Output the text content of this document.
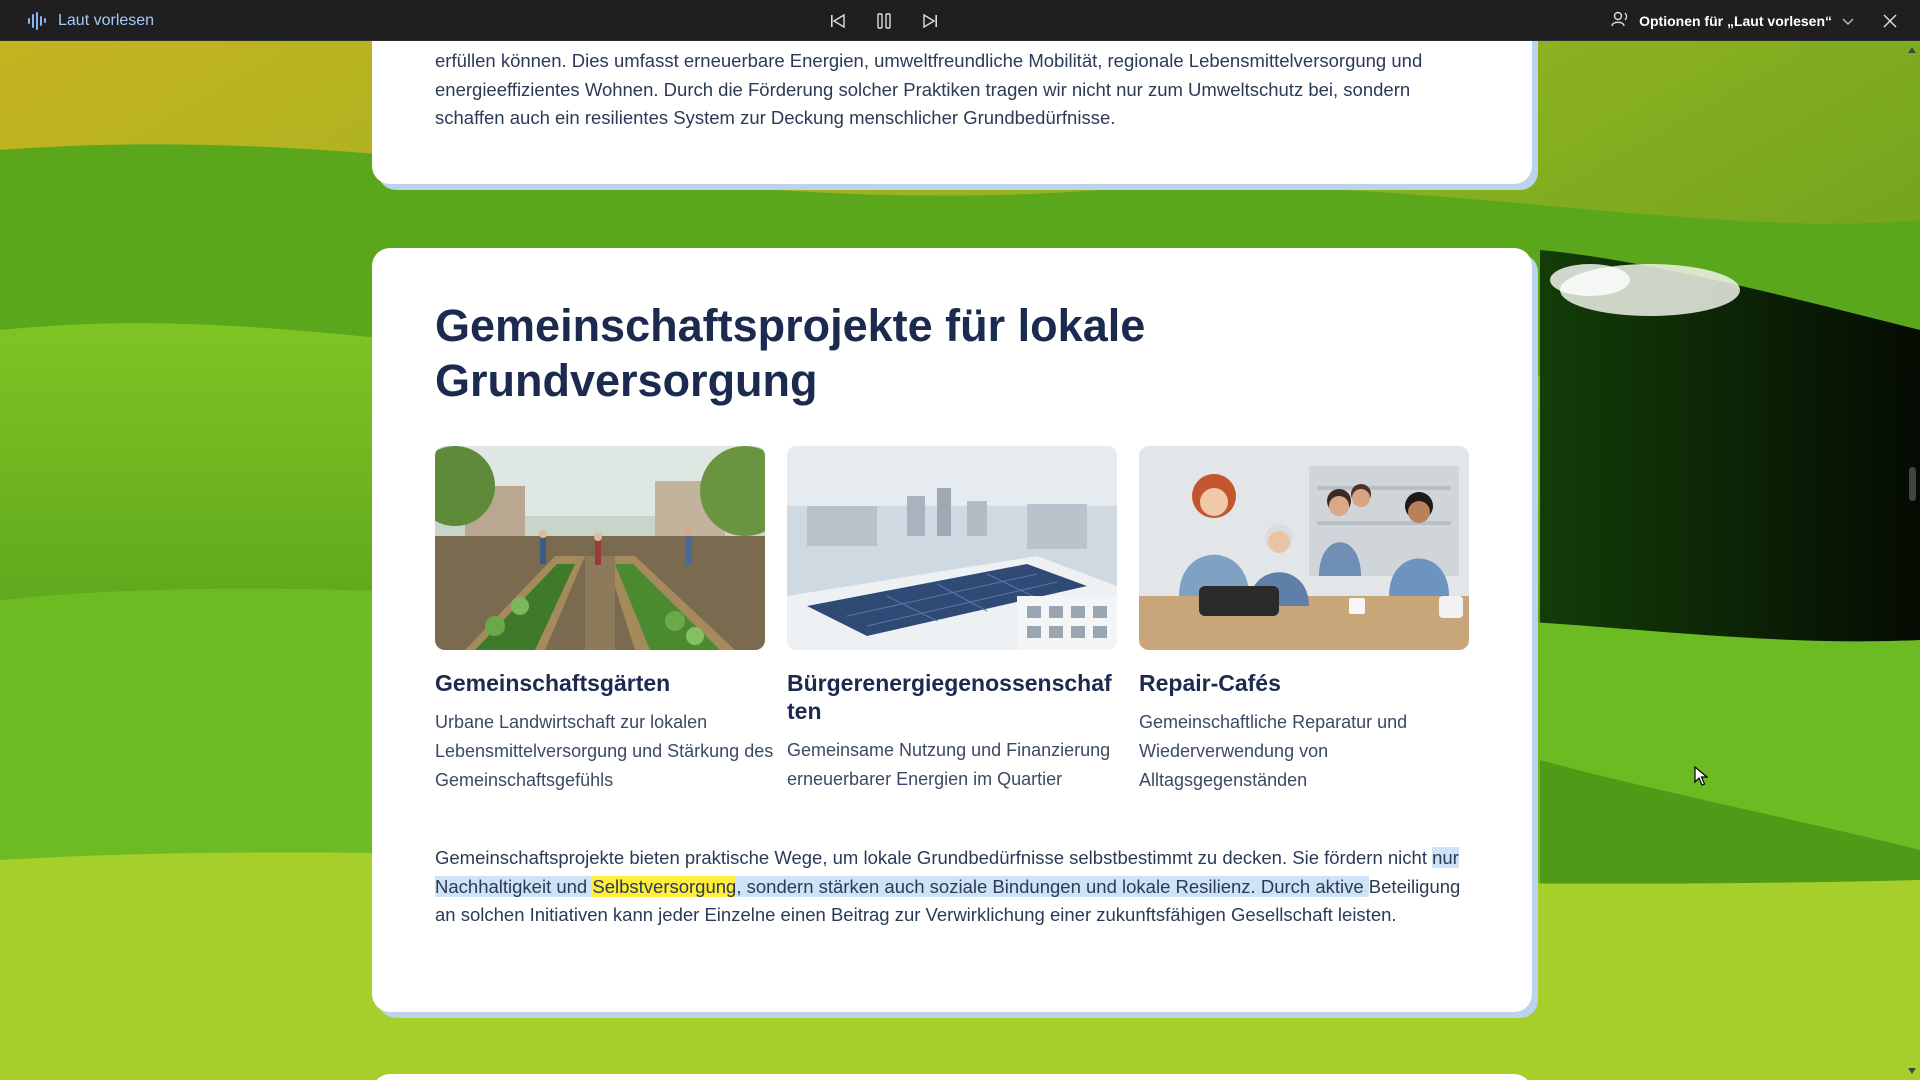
Laut vorlesen	Optionen für „Laut vorlesen“

erfüllen können. Dies umfasst erneuerbare Energien, umweltfreundliche Mobilität, regionale Lebensmittelversorgung und energieeffizientes Wohnen. Durch die Förderung solcher Praktiken tragen wir nicht nur zum Umweltschutz bei, sondern schaffen auch ein resilientes System zur Deckung menschlicher Grundbedürfnisse.

Gemeinschaftsprojekte für lokale Grundversorgung
Gemeinschaftsgärten

Urbane Landwirtschaft zur lokalen Lebensmittelversorgung und Stärkung des Gemeinschaftsgefühls

Bürgerenergiegenossenschaften

Gemeinsame Nutzung und Finanzierung erneuerbarer Energien im Quartier

Repair-Cafés

Gemeinschaftliche Reparatur und Wiederverwendung von Alltagsgegenständen

Gemeinschaftsprojekte bieten praktische Wege, um lokale Grundbedürfnisse selbstbestimmt zu decken. Sie fördern nicht nur Nachhaltigkeit und Selbstversorgung, sondern stärken auch soziale Bindungen und lokale Resilienz. Durch aktive Beteiligung an solchen Initiativen kann jeder Einzelne einen Beitrag zur Verwirklichung einer zukunftsfähigen Gesellschaft leisten.
